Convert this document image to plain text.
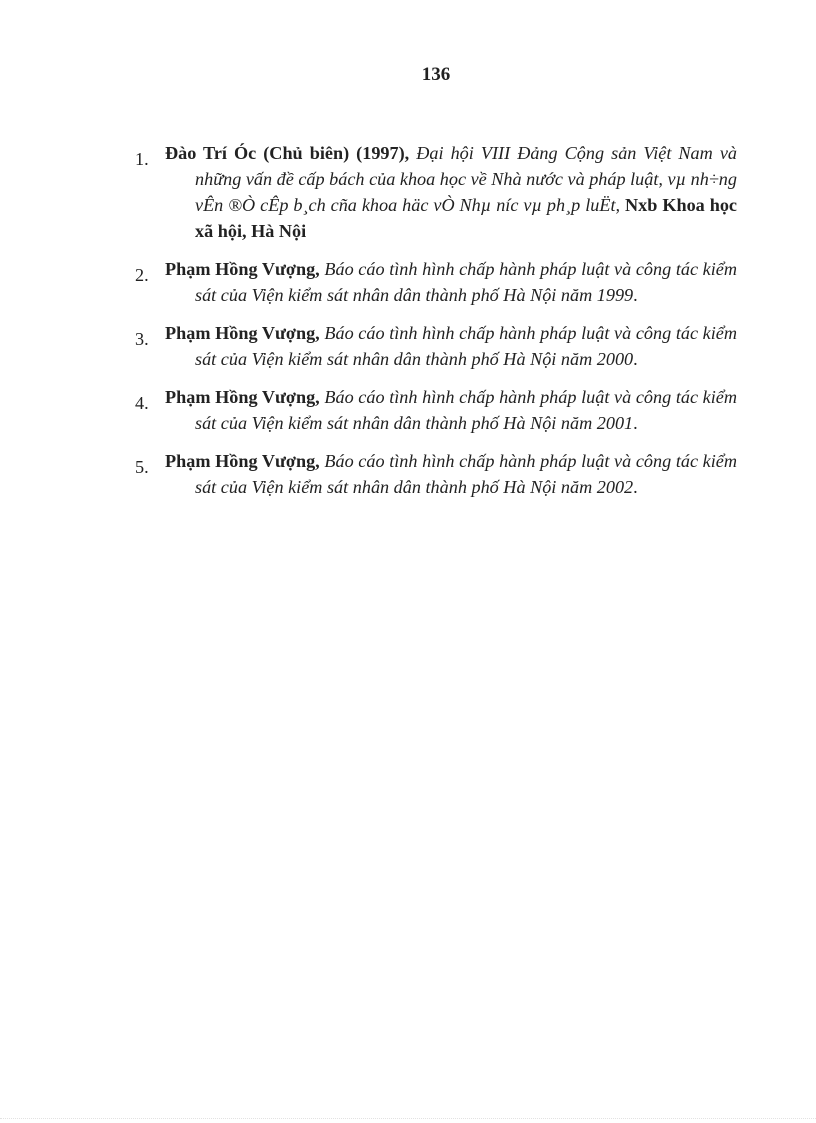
136
1. Đào Trí Óc (Chủ biên) (1997), Đại hội VIII Đảng Cộng sản Việt Nam và những vấn đề cấp bách của khoa học về Nhà nước và pháp luật, vµ nh÷ng vÊn ®Ò cÊp b¸ch cña khoa häc vÒ Nhµ níc vµ ph¸p luËt, Nxb Khoa học xã hội, Hà Nội
2. Phạm Hồng Vượng, Báo cáo tình hình chấp hành pháp luật và công tác kiểm sát của Viện kiểm sát nhân dân thành phố Hà Nội năm 1999.
3. Phạm Hồng Vượng, Báo cáo tình hình chấp hành pháp luật và công tác kiểm sát của Viện kiểm sát nhân dân thành phố Hà Nội năm 2000.
4. Phạm Hồng Vượng, Báo cáo tình hình chấp hành pháp luật và công tác kiểm sát của Viện kiểm sát nhân dân thành phố Hà Nội năm 2001.
5. Phạm Hồng Vượng, Báo cáo tình hình chấp hành pháp luật và công tác kiểm sát của Viện kiểm sát nhân dân thành phố Hà Nội năm 2002.
